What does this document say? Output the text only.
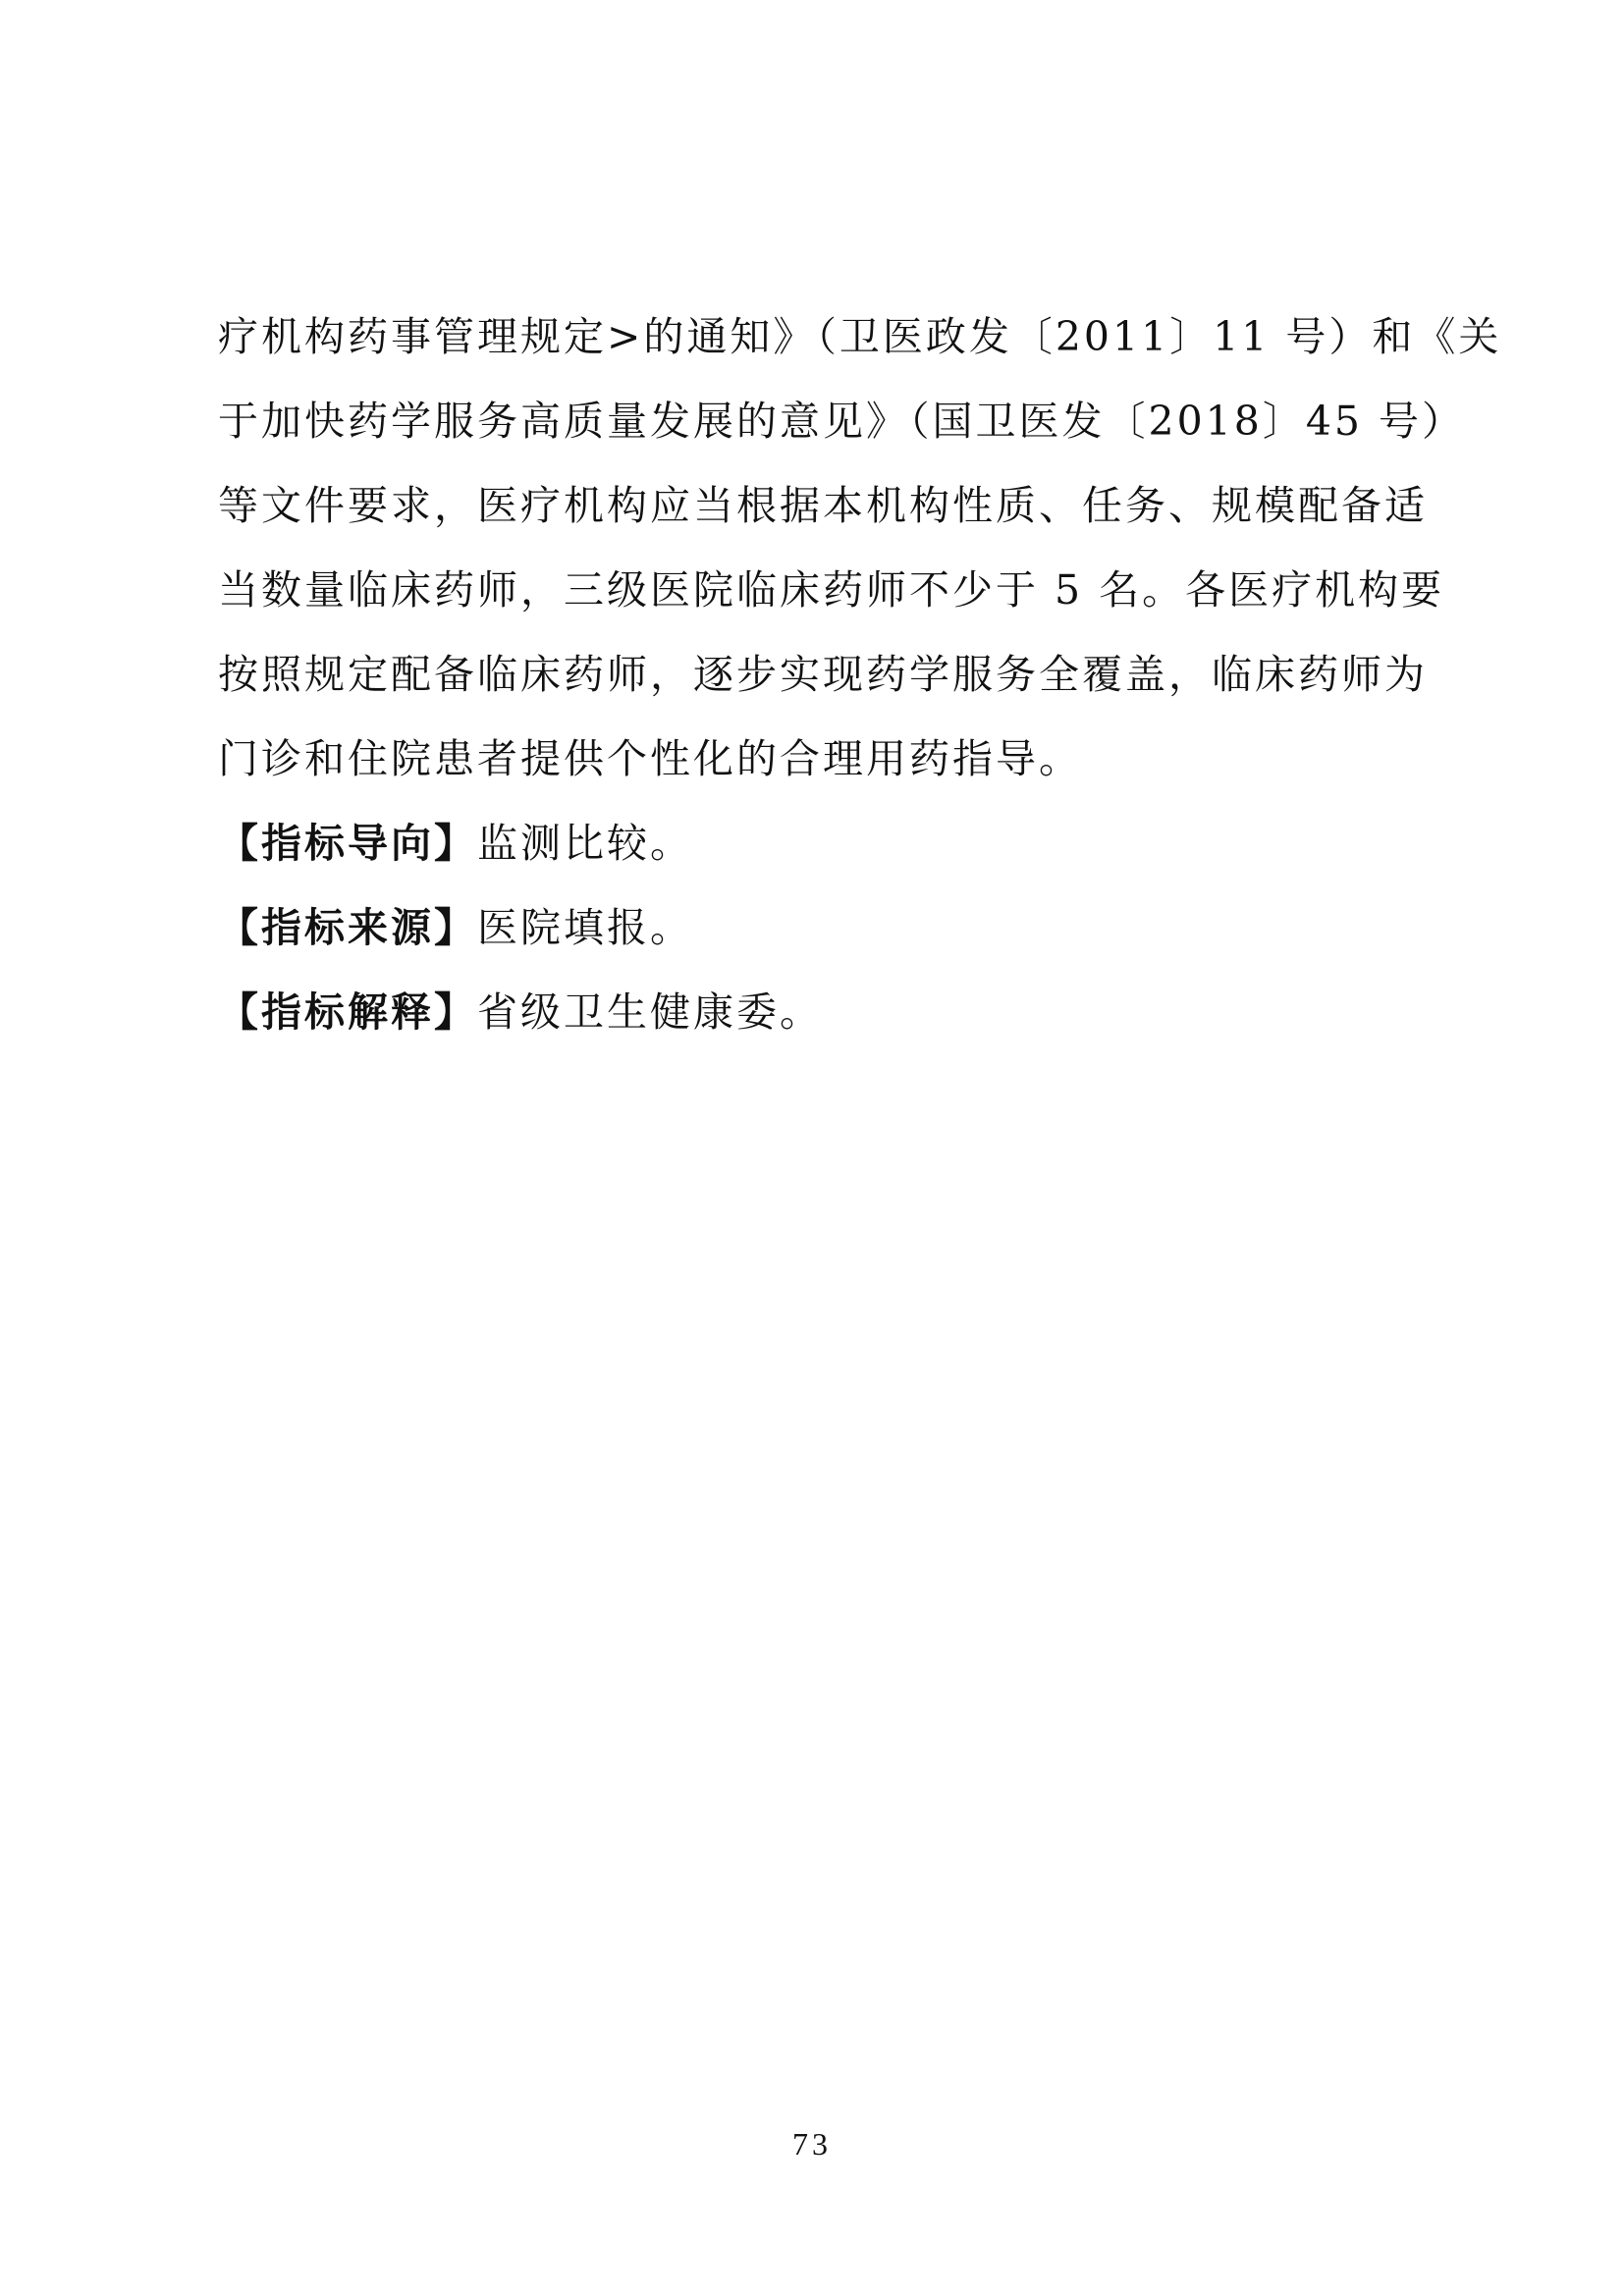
疗机构药事管理规定>的通知》（卫医政发〔2011〕11 号）和《关
于加快药学服务高质量发展的意见》（国卫医发〔2018〕45 号）
等文件要求，医疗机构应当根据本机构性质、任务、规模配备适
当数量临床药师，三级医院临床药师不少于 5 名。各医疗机构要
按照规定配备临床药师，逐步实现药学服务全覆盖，临床药师为
门诊和住院患者提供个性化的合理用药指导。
【指标导向】监测比较。
【指标来源】医院填报。
【指标解释】省级卫生健康委。
73
